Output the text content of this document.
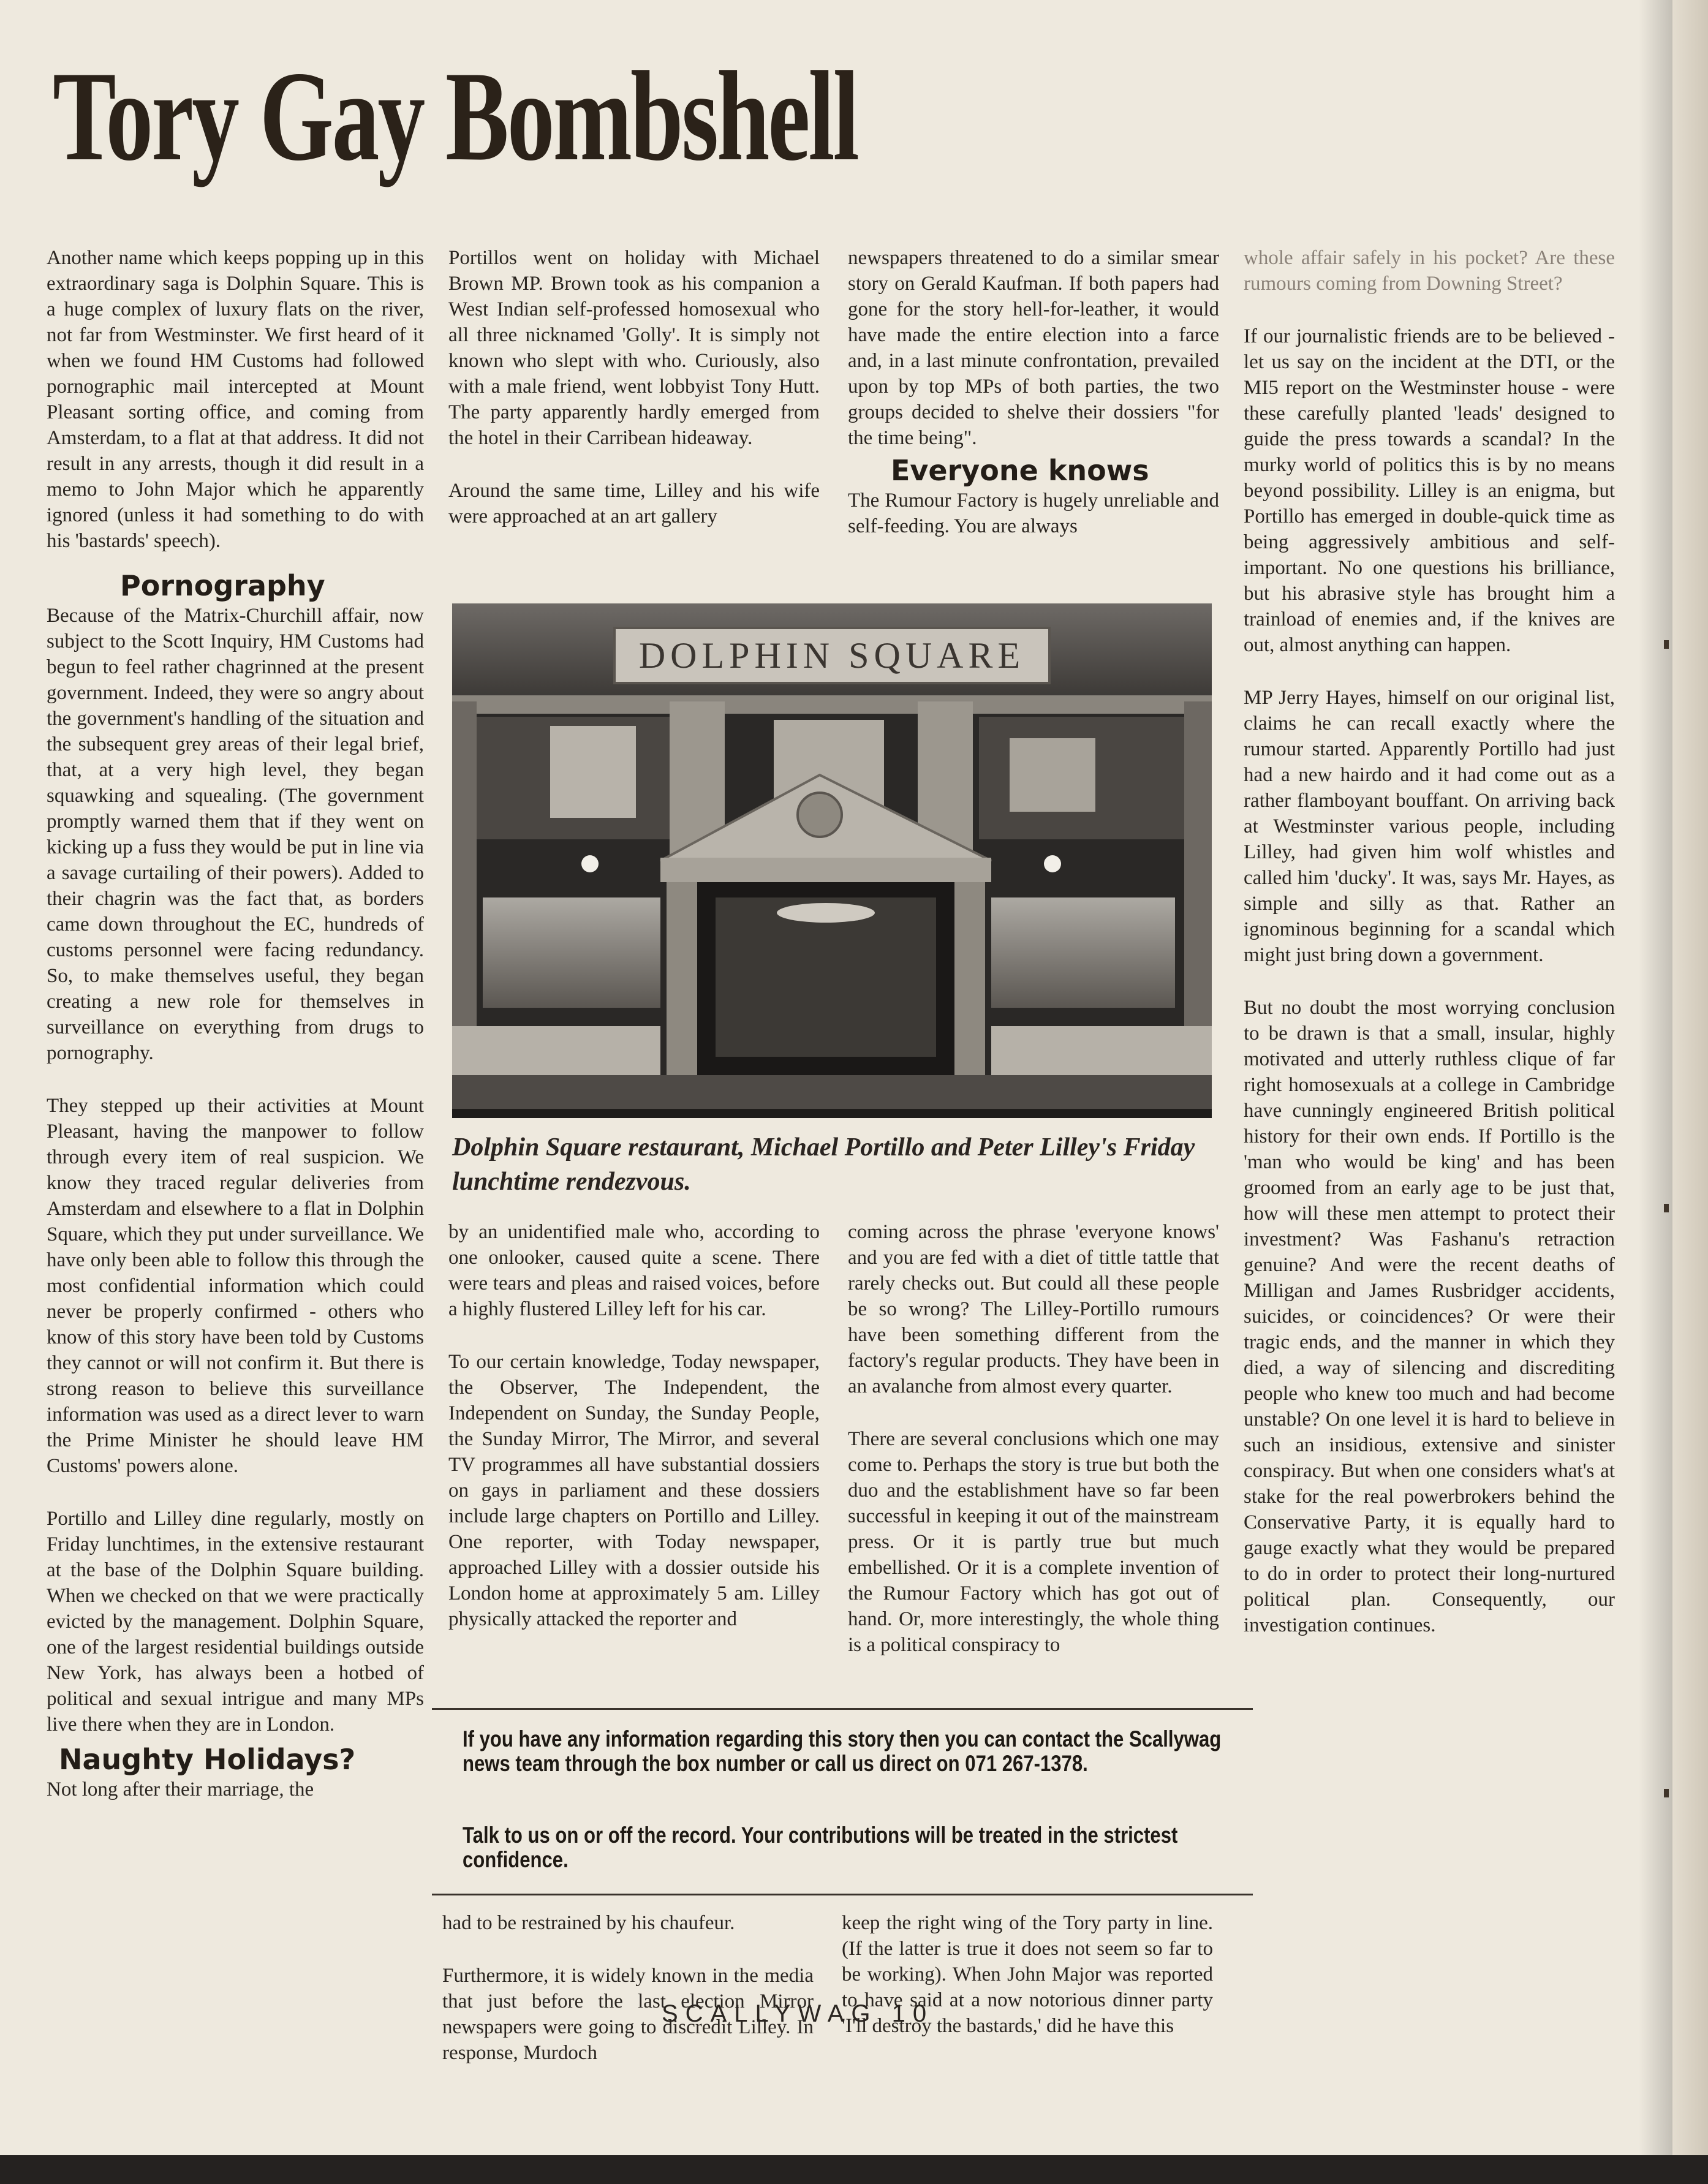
Tory Gay Bombshell

Another name which keeps popping up in this extraordinary saga is Dolphin Square. This is a huge complex of luxury flats on the river, not far from Westminster. We first heard of it when we found HM Customs had followed pornographic mail intercepted at Mount Pleasant sorting office, and coming from Amsterdam, to a flat at that address. It did not result in any arrests, though it did result in a memo to John Major which he apparently ignored (unless it had something to do with his 'bastards' speech).

Pornography

Because of the Matrix-Churchill affair, now subject to the Scott Inquiry, HM Customs had begun to feel rather chagrinned at the present government. Indeed, they were so angry about the government's handling of the situation and the subsequent grey areas of their legal brief, that, at a very high level, they began squawking and squealing. (The government promptly warned them that if they went on kicking up a fuss they would be put in line via a savage curtailing of their powers). Added to their chagrin was the fact that, as borders came down throughout the EC, hundreds of customs personnel were facing redundancy. So, to make themselves useful, they began creating a new role for themselves in surveillance on everything from drugs to pornography.

They stepped up their activities at Mount Pleasant, having the manpower to follow through every item of real suspicion. We know they traced regular deliveries from Amsterdam and elsewhere to a flat in Dolphin Square, which they put under surveillance. We have only been able to follow this through the most confidential information which could never be properly confirmed - others who know of this story have been told by Customs they cannot or will not confirm it. But there is strong reason to believe this surveillance information was used as a direct lever to warn the Prime Minister he should leave HM Customs' powers alone.

Portillo and Lilley dine regularly, mostly on Friday lunchtimes, in the extensive restaurant at the base of the Dolphin Square building. When we checked on that we were practically evicted by the management. Dolphin Square, one of the largest residential buildings outside New York, has always been a hotbed of political and sexual intrigue and many MPs live there when they are in London.

Naughty Holidays?

Not long after their marriage, the

Portillos went on holiday with Michael Brown MP. Brown took as his companion a West Indian self-professed homosexual who all three nicknamed 'Golly'. It is simply not known who slept with who. Curiously, also with a male friend, went lobbyist Tony Hutt. The party apparently hardly emerged from the hotel in their Carribean hideaway.

Around the same time, Lilley and his wife were approached at an art gallery

newspapers threatened to do a similar smear story on Gerald Kaufman. If both papers had gone for the story hell-for-leather, it would have made the entire election into a farce and, in a last minute confrontation, prevailed upon by top MPs of both parties, the two groups decided to shelve their dossiers "for the time being".

Everyone knows

The Rumour Factory is hugely unreliable and self-feeding. You are always

DOLPHIN SQUARE
Dolphin Square restaurant, Michael Portillo and Peter Lilley's Friday lunchtime rendezvous.

by an unidentified male who, according to one onlooker, caused quite a scene. There were tears and pleas and raised voices, before a highly flustered Lilley left for his car.

To our certain knowledge, Today newspaper, the Observer, The Independent, the Independent on Sunday, the Sunday People, the Sunday Mirror, The Mirror, and several TV programmes all have substantial dossiers on gays in parliament and these dossiers include large chapters on Portillo and Lilley. One reporter, with Today newspaper, approached Lilley with a dossier outside his London home at approximately 5 am. Lilley physically attacked the reporter and

coming across the phrase 'everyone knows' and you are fed with a diet of tittle tattle that rarely checks out. But could all these people be so wrong? The Lilley-Portillo rumours have been something different from the factory's regular products. They have been in an avalanche from almost every quarter.

There are several conclusions which one may come to. Perhaps the story is true but both the duo and the establishment have so far been successful in keeping it out of the mainstream press. Or it is partly true but much embellished. Or it is a complete invention of the Rumour Factory which has got out of hand. Or, more interestingly, the whole thing is a political conspiracy to

If you have any information regarding this story then you can contact the Scallywag news team through the box number or call us direct on 071 267-1378.
Talk to us on or off the record. Your contributions will be treated in the strictest confidence.

had to be restrained by his chaufeur.

Furthermore, it is widely known in the media that just before the last election Mirror newspapers were going to discredit Lilley. In response, Murdoch

keep the right wing of the Tory party in line. (If the latter is true it does not seem so far to be working). When John Major was reported to have said at a now notorious dinner party 'I'll destroy the bastards,' did he have this

whole affair safely in his pocket? Are these rumours coming from Downing Street?

If our journalistic friends are to be believed - let us say on the incident at the DTI, or the MI5 report on the Westminster house - were these carefully planted 'leads' designed to guide the press towards a scandal? In the murky world of politics this is by no means beyond possibility. Lilley is an enigma, but Portillo has emerged in double-quick time as being aggressively ambitious and self-important. No one questions his brilliance, but his abrasive style has brought him a trainload of enemies and, if the knives are out, almost anything can happen.

MP Jerry Hayes, himself on our original list, claims he can recall exactly where the rumour started. Apparently Portillo had just had a new hairdo and it had come out as a rather flamboyant bouffant. On arriving back at Westminster various people, including Lilley, had given him wolf whistles and called him 'ducky'. It was, says Mr. Hayes, as simple and silly as that. Rather an ignominous beginning for a scandal which might just bring down a government.

But no doubt the most worrying conclusion to be drawn is that a small, insular, highly motivated and utterly ruthless clique of far right homosexuals at a college in Cambridge have cunningly engineered British political history for their own ends. If Portillo is the 'man who would be king' and has been groomed from an early age to be just that, how will these men attempt to protect their investment? Was Fashanu's retraction genuine? And were the recent deaths of Milligan and James Rusbridger accidents, suicides, or coincidences? Or were their tragic ends, and the manner in which they died, a way of silencing and discrediting people who knew too much and had become unstable? On one level it is hard to believe in such an insidious, extensive and sinister conspiracy. But when one considers what's at stake for the real powerbrokers behind the Conservative Party, it is equally hard to gauge exactly what they would be prepared to do in order to protect their long-nurtured political plan. Consequently, our investigation continues.

SCALLYWAG 10
